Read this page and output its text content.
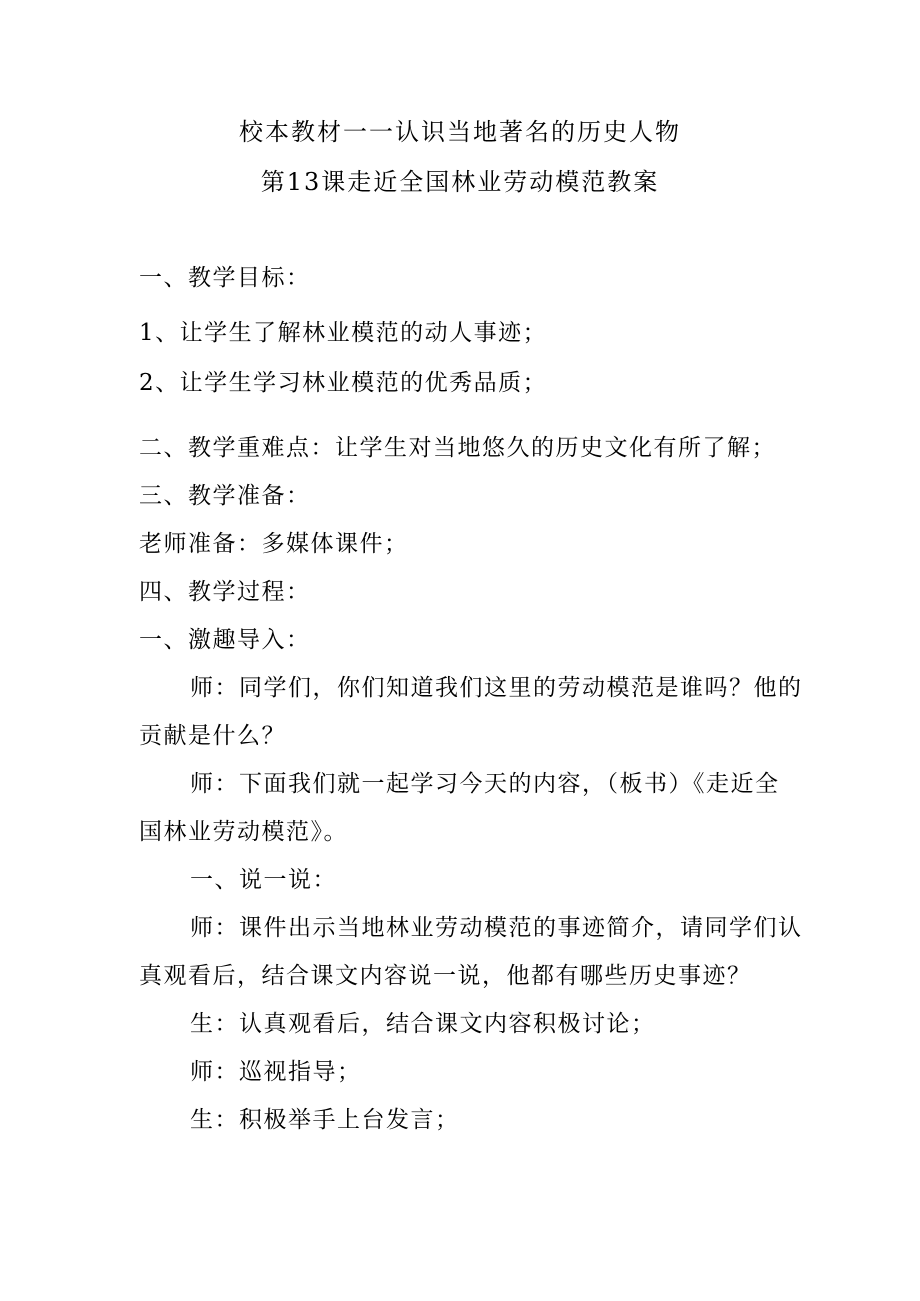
校本教材一一认识当地著名的历史人物
第13课走近全国林业劳动模范教案
一、教学目标：
1、让学生了解林业模范的动人事迹；
2、让学生学习林业模范的优秀品质；
二、教学重难点：让学生对当地悠久的历史文化有所了解；
三、教学准备：
老师准备：多媒体课件；
四、教学过程：
一、激趣导入：
师：同学们，你们知道我们这里的劳动模范是谁吗？他的
贡献是什么？
师：下面我们就一起学习今天的内容，（板书）《走近全
国林业劳动模范》。
一、说一说：
师：课件出示当地林业劳动模范的事迹简介，请同学们认
真观看后，结合课文内容说一说，他都有哪些历史事迹？
生：认真观看后，结合课文内容积极讨论；
师：巡视指导；
生：积极举手上台发言；
